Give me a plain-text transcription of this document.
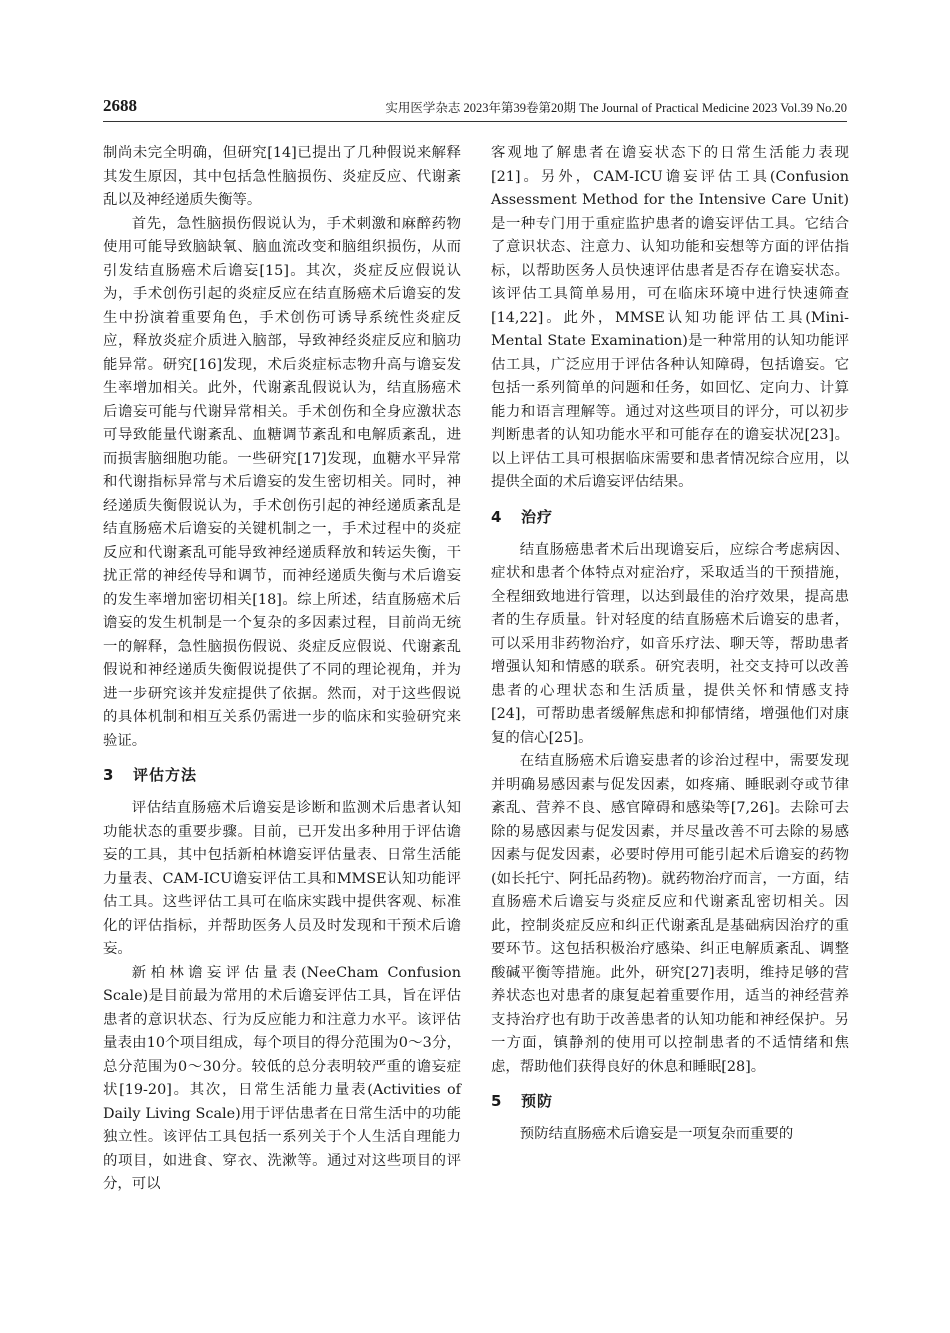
2688	实用医学杂志 2023年第39卷第20期 The Journal of Practical Medicine 2023 Vol.39 No.20

制尚未完全明确，但研究[14]已提出了几种假说来解释其发生原因，其中包括急性脑损伤、炎症反应、代谢紊乱以及神经递质失衡等。

首先，急性脑损伤假说认为，手术刺激和麻醉药物使用可能导致脑缺氧、脑血流改变和脑组织损伤，从而引发结直肠癌术后谵妄[15]。其次，炎症反应假说认为，手术创伤引起的炎症反应在结直肠癌术后谵妄的发生中扮演着重要角色，手术创伤可诱导系统性炎症反应，释放炎症介质进入脑部，导致神经炎症反应和脑功能异常。研究[16]发现，术后炎症标志物升高与谵妄发生率增加相关。此外，代谢紊乱假说认为，结直肠癌术后谵妄可能与代谢异常相关。手术创伤和全身应激状态可导致能量代谢紊乱、血糖调节紊乱和电解质紊乱，进而损害脑细胞功能。一些研究[17]发现，血糖水平异常和代谢指标异常与术后谵妄的发生密切相关。同时，神经递质失衡假说认为，手术创伤引起的神经递质紊乱是结直肠癌术后谵妄的关键机制之一，手术过程中的炎症反应和代谢紊乱可能导致神经递质释放和转运失衡，干扰正常的神经传导和调节，而神经递质失衡与术后谵妄的发生率增加密切相关[18]。综上所述，结直肠癌术后谵妄的发生机制是一个复杂的多因素过程，目前尚无统一的解释，急性脑损伤假说、炎症反应假说、代谢紊乱假说和神经递质失衡假说提供了不同的理论视角，并为进一步研究该并发症提供了依据。然而，对于这些假说的具体机制和相互关系仍需进一步的临床和实验研究来验证。

3 评估方法

评估结直肠癌术后谵妄是诊断和监测术后患者认知功能状态的重要步骤。目前，已开发出多种用于评估谵妄的工具，其中包括新柏林谵妄评估量表、日常生活能力量表、CAM-ICU谵妄评估工具和MMSE认知功能评估工具。这些评估工具可在临床实践中提供客观、标准化的评估指标，并帮助医务人员及时发现和干预术后谵妄。

新柏林谵妄评估量表(NeeCham Confusion Scale)是目前最为常用的术后谵妄评估工具，旨在评估患者的意识状态、行为反应能力和注意力水平。该评估量表由10个项目组成，每个项目的得分范围为0～3分，总分范围为0～30分。较低的总分表明较严重的谵妄症状[19-20]。其次，日常生活能力量表(Activities of Daily Living Scale)用于评估患者在日常生活中的功能独立性。该评估工具包括一系列关于个人生活自理能力的项目，如进食、穿衣、洗漱等。通过对这些项目的评分，可以

客观地了解患者在谵妄状态下的日常生活能力表现[21]。另外，CAM-ICU谵妄评估工具(Confusion Assessment Method for the Intensive Care Unit)是一种专门用于重症监护患者的谵妄评估工具。它结合了意识状态、注意力、认知功能和妄想等方面的评估指标，以帮助医务人员快速评估患者是否存在谵妄状态。该评估工具简单易用，可在临床环境中进行快速筛查[14,22]。此外，MMSE认知功能评估工具(Mini-Mental State Examination)是一种常用的认知功能评估工具，广泛应用于评估各种认知障碍，包括谵妄。它包括一系列简单的问题和任务，如回忆、定向力、计算能力和语言理解等。通过对这些项目的评分，可以初步判断患者的认知功能水平和可能存在的谵妄状况[23]。以上评估工具可根据临床需要和患者情况综合应用，以提供全面的术后谵妄评估结果。

4 治疗

结直肠癌患者术后出现谵妄后，应综合考虑病因、症状和患者个体特点对症治疗，采取适当的干预措施，全程细致地进行管理，以达到最佳的治疗效果，提高患者的生存质量。针对轻度的结直肠癌术后谵妄的患者，可以采用非药物治疗，如音乐疗法、聊天等，帮助患者增强认知和情感的联系。研究表明，社交支持可以改善患者的心理状态和生活质量，提供关怀和情感支持[24]，可帮助患者缓解焦虑和抑郁情绪，增强他们对康复的信心[25]。

在结直肠癌术后谵妄患者的诊治过程中，需要发现并明确易感因素与促发因素，如疼痛、睡眠剥夺或节律紊乱、营养不良、感官障碍和感染等[7,26]。去除可去除的易感因素与促发因素，并尽量改善不可去除的易感因素与促发因素，必要时停用可能引起术后谵妄的药物(如长托宁、阿托品药物)。就药物治疗而言，一方面，结直肠癌术后谵妄与炎症反应和代谢紊乱密切相关。因此，控制炎症反应和纠正代谢紊乱是基础病因治疗的重要环节。这包括积极治疗感染、纠正电解质紊乱、调整酸碱平衡等措施。此外，研究[27]表明，维持足够的营养状态也对患者的康复起着重要作用，适当的神经营养支持治疗也有助于改善患者的认知功能和神经保护。另一方面，镇静剂的使用可以控制患者的不适情绪和焦虑，帮助他们获得良好的休息和睡眠[28]。

5 预防

预防结直肠癌术后谵妄是一项复杂而重要的
